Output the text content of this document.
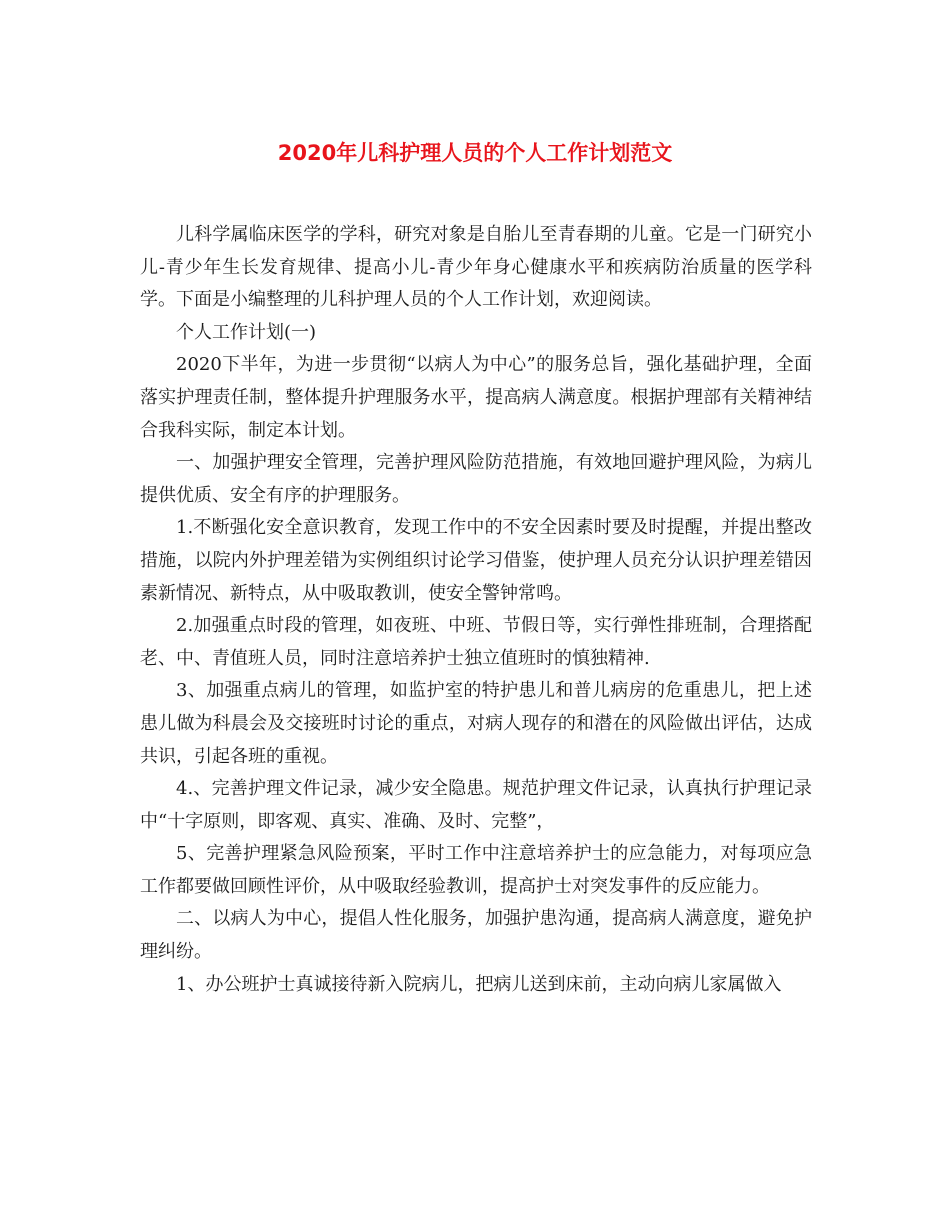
2020年儿科护理人员的个人工作计划范文

儿科学属临床医学的学科，研究对象是自胎儿至青春期的儿童。它是一门研究小儿-青少年生长发育规律、提高小儿-青少年身心健康水平和疾病防治质量的医学科学。下面是小编整理的儿科护理人员的个人工作计划，欢迎阅读。

个人工作计划(一)

2020下半年，为进一步贯彻“以病人为中心”的服务总旨，强化基础护理，全面落实护理责任制，整体提升护理服务水平，提高病人满意度。根据护理部有关精神结合我科实际，制定本计划。

一、加强护理安全管理，完善护理风险防范措施，有效地回避护理风险，为病儿提供优质、安全有序的护理服务。

1.不断强化安全意识教育，发现工作中的不安全因素时要及时提醒，并提出整改措施，以院内外护理差错为实例组织讨论学习借鉴，使护理人员充分认识护理差错因素新情况、新特点，从中吸取教训，使安全警钟常鸣。

2.加强重点时段的管理，如夜班、中班、节假日等，实行弹性排班制，合理搭配老、中、青值班人员，同时注意培养护士独立值班时的慎独精神.

3、加强重点病儿的管理，如监护室的特护患儿和普儿病房的危重患儿，把上述患儿做为科晨会及交接班时讨论的重点，对病人现存的和潜在的风险做出评估，达成共识，引起各班的重视。

4.、完善护理文件记录，减少安全隐患。规范护理文件记录，认真执行护理记录中“十字原则，即客观、真实、准确、及时、完整”，

5、完善护理紧急风险预案，平时工作中注意培养护士的应急能力，对每项应急工作都要做回顾性评价，从中吸取经验教训，提高护士对突发事件的反应能力。

二、以病人为中心，提倡人性化服务，加强护患沟通，提高病人满意度，避免护理纠纷。

1、办公班护士真诚接待新入院病儿，把病儿送到床前，主动向病儿家属做入
